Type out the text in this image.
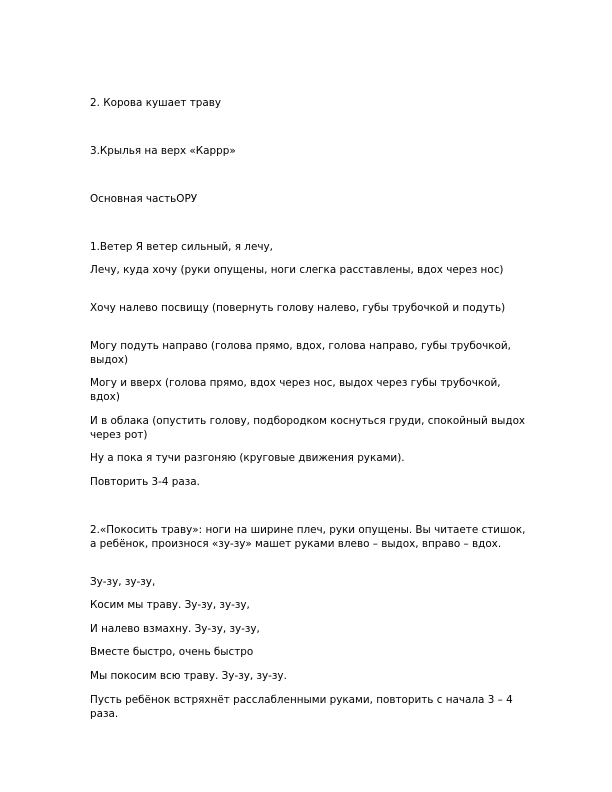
2. Корова кушает траву

3.Крылья на верх «Каррр»

Основная частьОРУ

1.Ветер Я ветер сильный, я лечу,

Лечу, куда хочу (руки опущены, ноги слегка расставлены, вдох через нос)

Хочу налево посвищу (повернуть голову налево, губы трубочкой и подуть)

Могу подуть направо (голова прямо, вдох, голова направо, губы трубочкой, выдох)

Могу и вверх (голова прямо, вдох через нос, выдох через губы трубочкой, вдох)

И в облака (опустить голову, подбородком коснуться груди, спокойный выдох через рот)

Ну а пока я тучи разгоняю (круговые движения руками).

Повторить 3-4 раза.

2.«Покосить траву»: ноги на ширине плеч, руки опущены. Вы читаете стишок, а ребёнок, произнося «зу-зу» машет руками влево – выдох, вправо – вдох.

Зу-зу, зу-зу,

Косим мы траву. Зу-зу, зу-зу,

И налево взмахну. Зу-зу, зу-зу,

Вместе быстро, очень быстро

Мы покосим всю траву. Зу-зу, зу-зу.

Пусть ребёнок встряхнёт расслабленными руками, повторить с начала 3 – 4 раза.
